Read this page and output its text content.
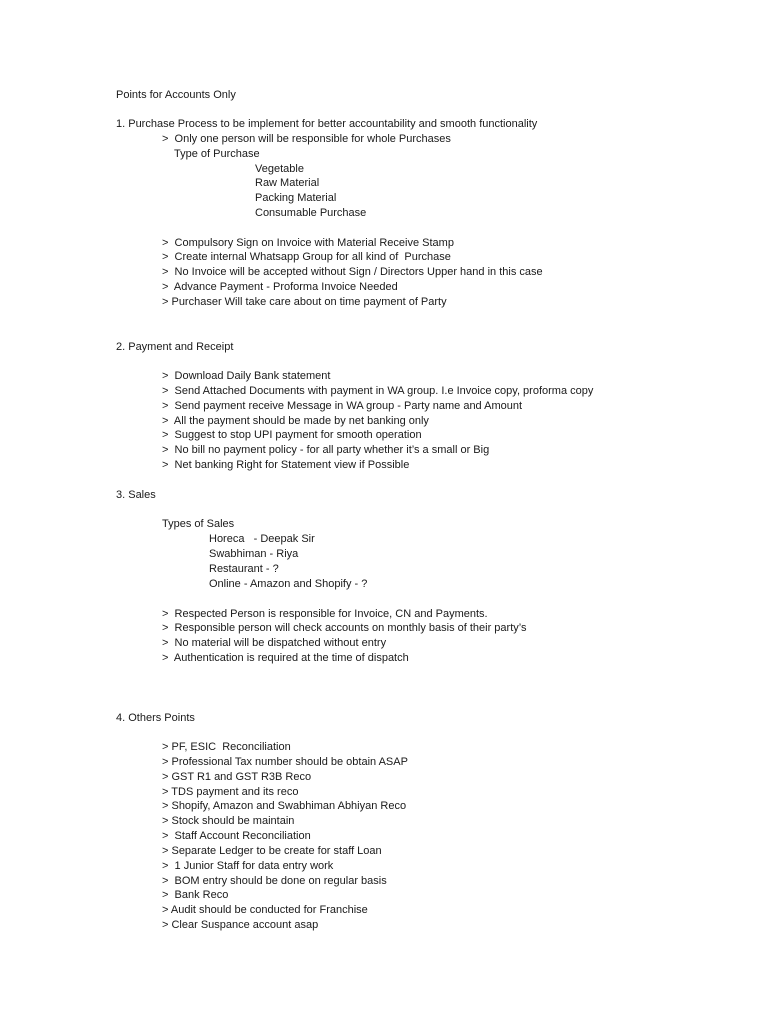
Points for Accounts Only
1. Purchase Process to be implement for better accountability and smooth functionality
>  Only one person will be responsible for whole Purchases
Type of Purchase
Vegetable
Raw Material
Packing Material
Consumable Purchase
>  Compulsory Sign on Invoice with Material Receive Stamp
>  Create internal Whatsapp Group for all kind of  Purchase
>  No Invoice will be accepted without Sign / Directors Upper hand in this case
>  Advance Payment - Proforma Invoice Needed
> Purchaser Will take care about on time payment of Party
2. Payment and Receipt
>  Download Daily Bank statement
>  Send Attached Documents with payment in WA group. I.e Invoice copy, proforma copy
>  Send payment receive Message in WA group - Party name and Amount
>  All the payment should be made by net banking only
>  Suggest to stop UPI payment for smooth operation
>  No bill no payment policy - for all party whether it’s a small or Big
>  Net banking Right for Statement view if Possible
3. Sales
Types of Sales
Horeca   - Deepak Sir
Swabhiman - Riya
Restaurant - ?
Online - Amazon and Shopify - ?
>  Respected Person is responsible for Invoice, CN and Payments.
>  Responsible person will check accounts on monthly basis of their party’s
>  No material will be dispatched without entry
>  Authentication is required at the time of dispatch
4. Others Points
> PF, ESIC  Reconciliation
> Professional Tax number should be obtain ASAP
> GST R1 and GST R3B Reco
> TDS payment and its reco
> Shopify, Amazon and Swabhiman Abhiyan Reco
> Stock should be maintain
>  Staff Account Reconciliation
> Separate Ledger to be create for staff Loan
>  1 Junior Staff for data entry work
>  BOM entry should be done on regular basis
>  Bank Reco
> Audit should be conducted for Franchise
> Clear Suspance account asap
